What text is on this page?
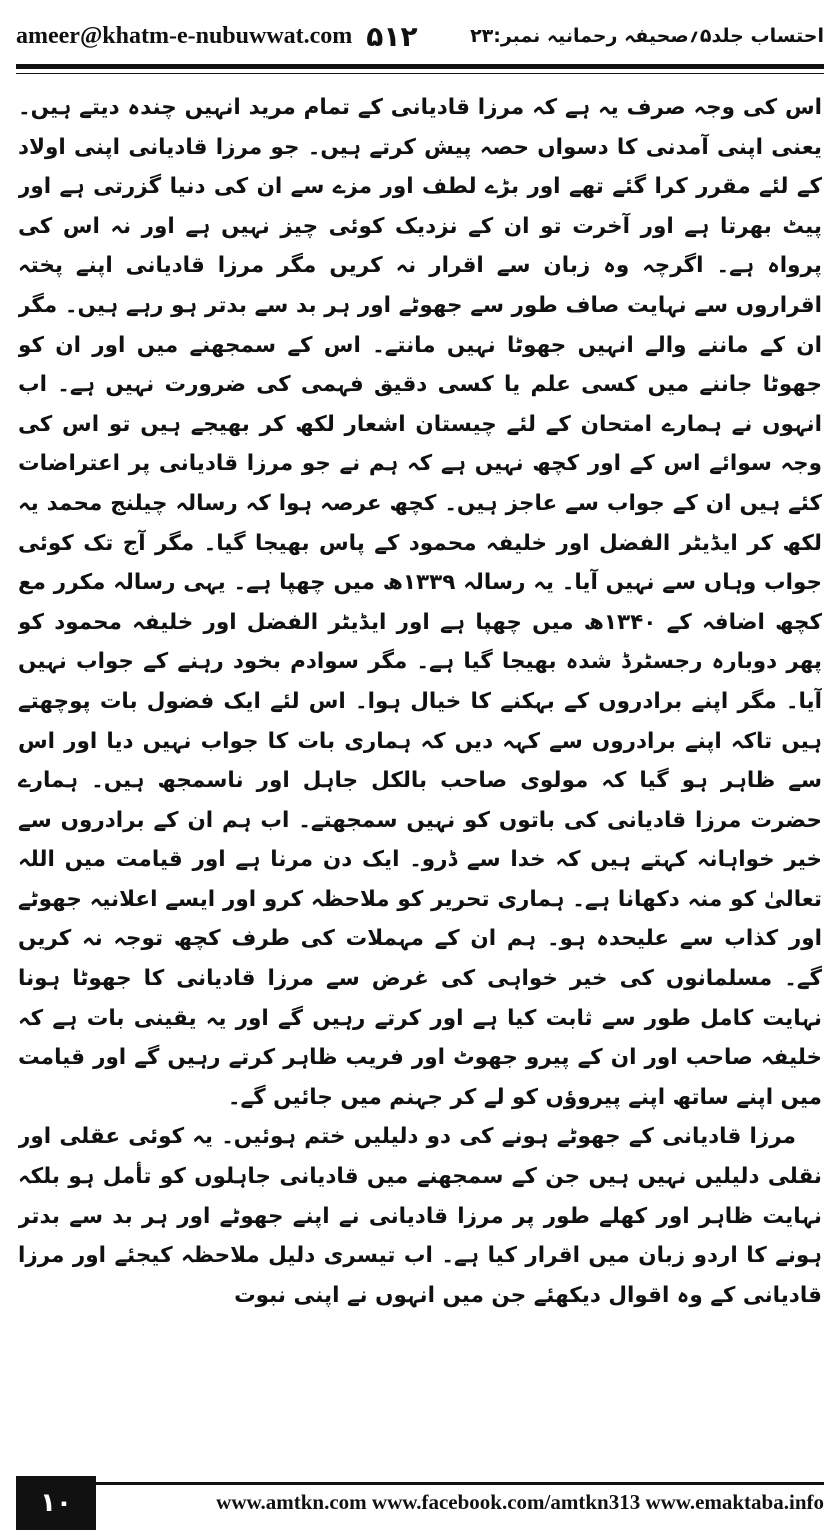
ameer@khatm-e-nubuwwat.com ۵۱۲	احتساب جلد۵؍صحیفہ رحمانیہ نمبر:۲۳

اس کی وجہ صرف یہ ہے کہ مرزا قادیانی کے تمام مرید انہیں چندہ دیتے ہیں۔یعنی اپنی آمدنی کا دسواں حصہ پیش کرتے ہیں۔ جو مرزا قادیانی اپنی اولاد کے لئے مقرر کرا گئے تھے اور بڑے لطف اور مزے سے ان کی دنیا گزرتی ہے اور پیٹ بھرتا ہے اور آخرت تو ان کے نزدیک کوئی چیز نہیں ہے اور نہ اس کی پرواہ ہے۔ اگرچہ وہ زبان سے اقرار نہ کریں مگر مرزا قادیانی اپنے پختہ اقراروں سے نہایت صاف طور سے جھوٹے اور ہر بد سے بدتر ہو رہے ہیں۔ مگر ان کے ماننے والے انہیں جھوٹا نہیں مانتے۔ اس کے سمجھنے میں اور ان کو جھوٹا جاننے میں کسی علم یا کسی دقیق فہمی کی ضرورت نہیں ہے۔ اب انہوں نے ہمارے امتحان کے لئے چیستان اشعار لکھ کر بھیجے ہیں تو اس کی وجہ سوائے اس کے اور کچھ نہیں ہے کہ ہم نے جو مرزا قادیانی پر اعتراضات کئے ہیں ان کے جواب سے عاجز ہیں۔ کچھ عرصہ ہوا کہ رسالہ چیلنج محمد یہ لکھ کر ایڈیٹر الفضل اور خلیفہ محمود کے پاس بھیجا گیا۔ مگر آج تک کوئی جواب وہاں سے نہیں آیا۔ یہ رسالہ ۱۳۳۹ھ میں چھپا ہے۔ یہی رسالہ مکرر مع کچھ اضافہ کے ۱۳۴۰ھ میں چھپا ہے اور ایڈیٹر الفضل اور خلیفہ محمود کو پھر دوبارہ رجسٹرڈ شدہ بھیجا گیا ہے۔ مگر سوادم بخود رہنے کے جواب نہیں آیا۔ مگر اپنے برادروں کے بہکنے کا خیال ہوا۔ اس لئے ایک فضول بات پوچھتے ہیں تاکہ اپنے برادروں سے کہہ دیں کہ ہماری بات کا جواب نہیں دیا اور اس سے ظاہر ہو گیا کہ مولوی صاحب بالکل جاہل اور ناسمجھ ہیں۔ ہمارے حضرت مرزا قادیانی کی باتوں کو نہیں سمجھتے۔ اب ہم ان کے برادروں سے خیر خواہانہ کہتے ہیں کہ خدا سے ڈرو۔ ایک دن مرنا ہے اور قیامت میں اللہ تعالیٰ کو منہ دکھانا ہے۔ ہماری تحریر کو ملاحظہ کرو اور ایسے اعلانیہ جھوٹے اور کذاب سے علیحدہ ہو۔ ہم ان کے مہملات کی طرف کچھ توجہ نہ کریں گے۔ مسلمانوں کی خیر خواہی کی غرض سے مرزا قادیانی کا جھوٹا ہونا نہایت کامل طور سے ثابت کیا ہے اور کرتے رہیں گے اور یہ یقینی بات ہے کہ خلیفہ صاحب اور ان کے پیرو جھوٹ اور فریب ظاہر کرتے رہیں گے اور قیامت میں اپنے ساتھ اپنے پیروؤں کو لے کر جہنم میں جائیں گے۔

مرزا قادیانی کے جھوٹے ہونے کی دو دلیلیں ختم ہوئیں۔ یہ کوئی عقلی اور نقلی دلیلیں نہیں ہیں جن کے سمجھنے میں قادیانی جاہلوں کو تأمل ہو بلکہ نہایت ظاہر اور کھلے طور پر مرزا قادیانی نے اپنے جھوٹے اور ہر بد سے بدتر ہونے کا اردو زبان میں اقرار کیا ہے۔ اب تیسری دلیل ملاحظہ کیجئے اور مرزا قادیانی کے وہ اقوال دیکھئے جن میں انہوں نے اپنی نبوت

۱۰	www.amtkn.com www.facebook.com/amtkn313 www.emaktaba.info
